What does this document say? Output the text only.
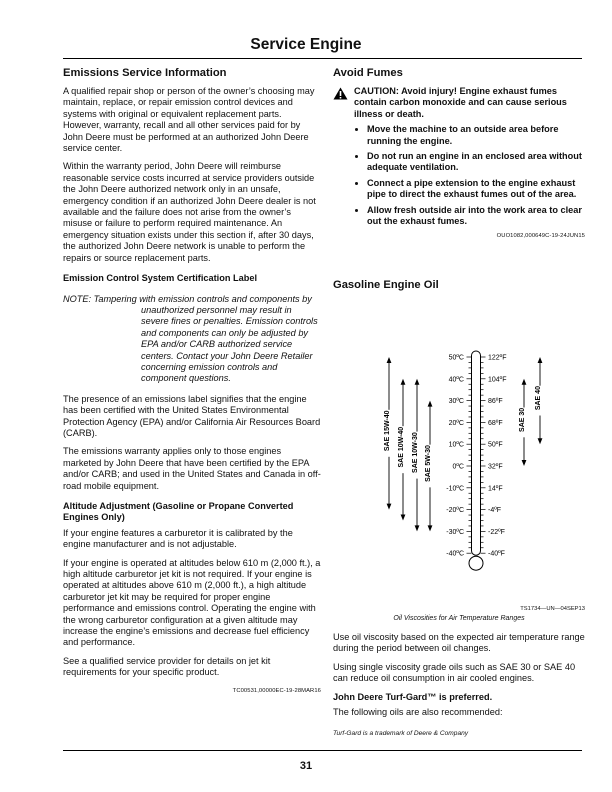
Service Engine
Emissions Service Information

A qualified repair shop or person of the owner’s choosing may maintain, replace, or repair emission control devices and systems with original or equivalent replacement parts. However, warranty, recall and all other services paid for by John Deere must be performed at an authorized John Deere service center.

Within the warranty period, John Deere will reimburse reasonable service costs incurred at service providers outside the John Deere authorized network only in an unsafe, emergency condition if an authorized John Deere dealer is not available and the failure does not arise from the owner’s misuse or failure to perform required maintenance. An emergency situation exists under this section if, after 30 days, the authorized John Deere network is unable to perform the repairs or source replacement parts.

Emission Control System Certification Label

NOTE: Tampering with emission controls and components by unauthorized personnel may result in severe fines or penalties. Emission controls and components can only be adjusted by EPA and/or CARB authorized service centers. Contact your John Deere Retailer concerning emission controls and component questions.

The presence of an emissions label signifies that the engine has been certified with the United States Environmental Protection Agency (EPA) and/or California Air Resources Board (CARB).

The emissions warranty applies only to those engines marketed by John Deere that have been certified by the EPA and/or CARB; and used in the United States and Canada in off-road mobile equipment.

Altitude Adjustment (Gasoline or Propane Converted Engines Only)

If your engine features a carburetor it is calibrated by the engine manufacturer and is not adjustable.

If your engine is operated at altitudes below 610 m (2,000 ft.), a high altitude carburetor jet kit is not required. If your engine is operated at altitudes above 610 m (2,000 ft.), a high altitude carburetor jet kit may be required for proper engine performance and emissions control. Operating the engine with the wrong carburetor configuration at a given altitude may increase the engine’s emissions and decrease fuel efficiency and performance.

See a qualified service provider for details on jet kit requirements for your specific product.

TC00531,00000EC-19-28MAR16
Avoid Fumes
CAUTION: Avoid injury! Engine exhaust fumes contain carbon monoxide and can cause serious illness or death.
• Move the machine to an outside area before running the engine.
• Do not run an engine in an enclosed area without adequate ventilation.
• Connect a pipe extension to the engine exhaust pipe to direct the exhaust fumes out of the area.
• Allow fresh outside air into the work area to clear out the exhaust fumes.
OUO1082,000649C-19-24JUN15
Gasoline Engine Oil
50ºC
40ºC
30ºC
20ºC
10ºC
0ºC
-10ºC
-20ºC
-30ºC
-40ºC
122ºF
104ºF
86ºF
68ºF
50ºF
32ºF
14ºF
-4ºF
-22ºF
-40ºF
SAE 15W-40 SAE 10W-40 SAE 10W-30 SAE 5W-30
SAE 30
SAE 40
TS1734—UN—04SEP13
Oil Viscosities for Air Temperature Ranges

Use oil viscosity based on the expected air temperature range during the period between oil changes.

Using single viscosity grade oils such as SAE 30 or SAE 40 can reduce oil consumption in air cooled engines.

John Deere Turf-Gard™ is preferred.

The following oils are also recommended:

Turf-Gard is a trademark of Deere & Company
31
